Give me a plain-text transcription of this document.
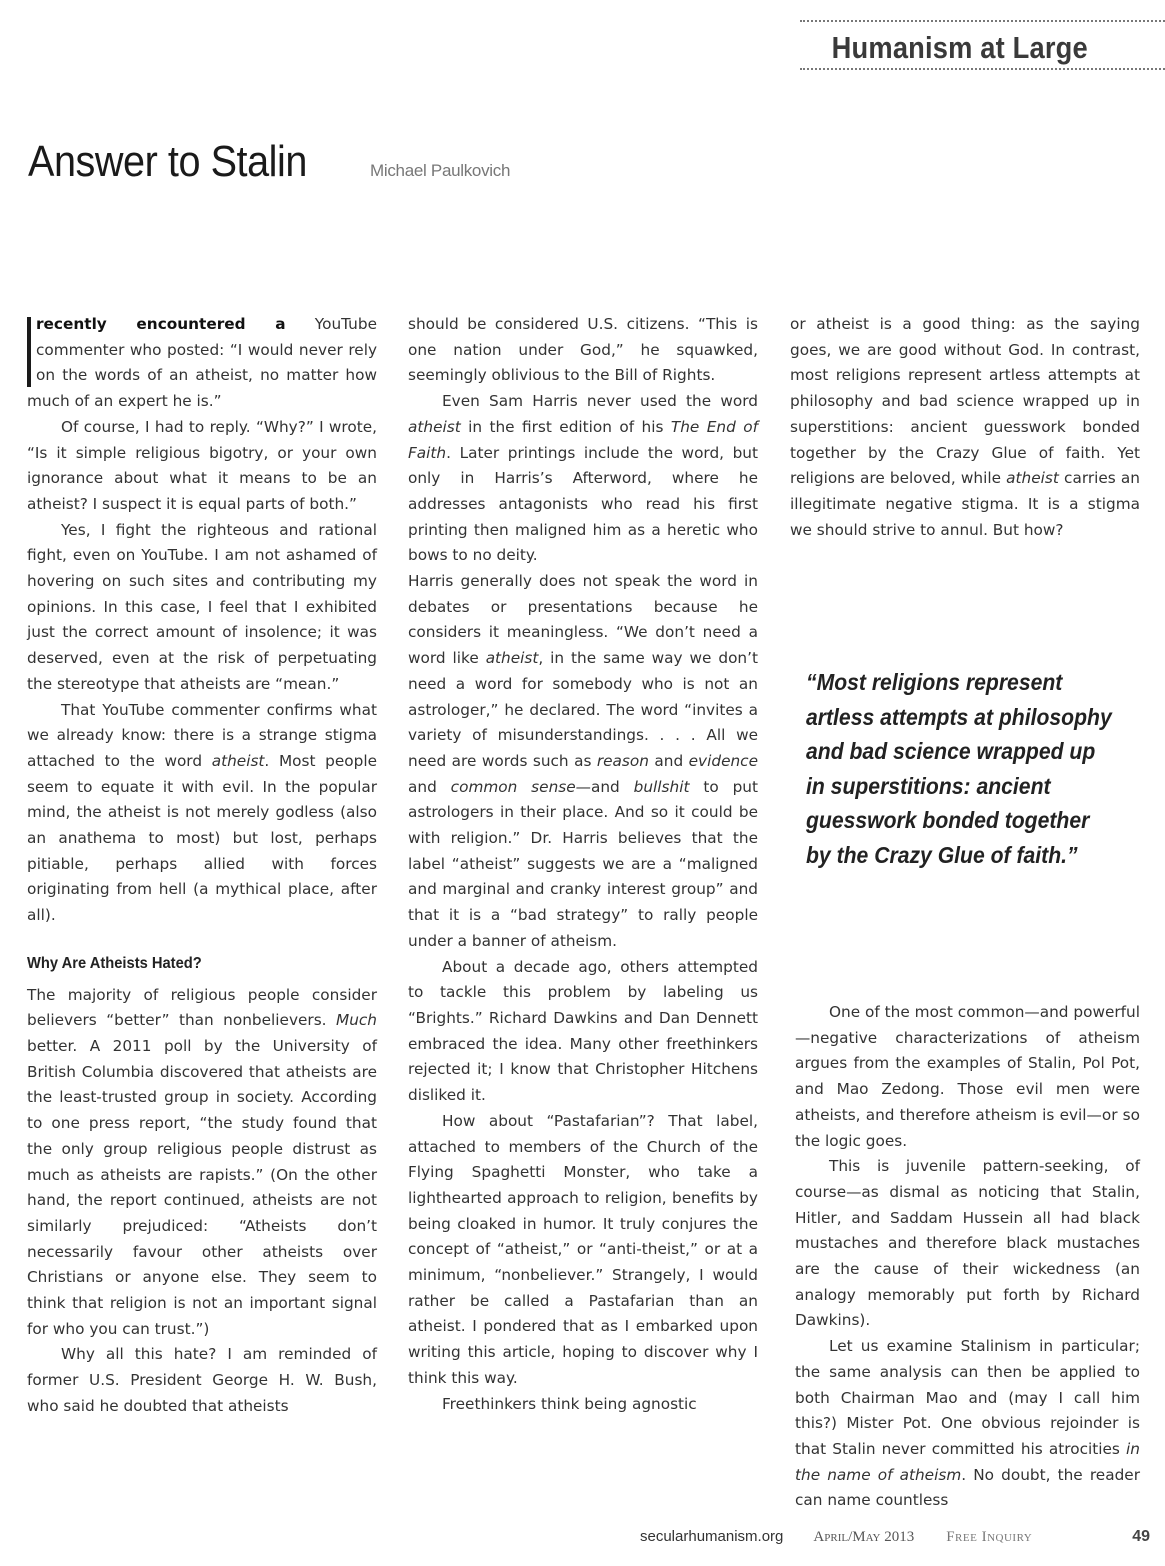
Humanism at Large
Answer to Stalin	Michael Paulkovich

recently encountered a YouTube commenter who posted: “I would never rely on the words of an atheist, no matter how much of an expert he is.”

Of course, I had to reply. “Why?” I wrote, “Is it simple religious bigotry, or your own ignorance about what it means to be an atheist? I suspect it is equal parts of both.”

Yes, I fight the righteous and rational fight, even on YouTube. I am not ashamed of hovering on such sites and contributing my opinions. In this case, I feel that I exhibited just the correct amount of insolence; it was deserved, even at the risk of perpetuating the stereotype that atheists are “mean.”

That YouTube commenter confirms what we already know: there is a strange stigma attached to the word atheist. Most people seem to equate it with evil. In the popular mind, the atheist is not merely godless (also an anathema to most) but lost, perhaps pitiable, perhaps allied with forces originating from hell (a mythical place, after all).

Why Are Atheists Hated?

The majority of religious people consider believers “better” than nonbelievers. Much better. A 2011 poll by the University of British Columbia discovered that atheists are the least-trusted group in society. According to one press report, “the study found that the only group religious people distrust as much as atheists are rapists.” (On the other hand, the report continued, atheists are not similarly prejudiced: “Atheists don’t necessarily favour other atheists over Christians or anyone else. They seem to think that religion is not an important signal for who you can trust.”)

Why all this hate? I am reminded of former U.S. President George H. W. Bush, who said he doubted that atheists

should be considered U.S. citizens. “This is one nation under God,” he squawked, seemingly oblivious to the Bill of Rights.

Even Sam Harris never used the word atheist in the first edition of his The End of Faith. Later printings include the word, but only in Harris’s Afterword, where he addresses antagonists who read his first printing then maligned him as a heretic who bows to no deity.

Harris generally does not speak the word in debates or presentations because he considers it meaningless. “We don’t need a word like atheist, in the same way we don’t need a word for somebody who is not an astrologer,” he declared. The word “invites a variety of misunderstandings. . . . All we need are words such as reason and evidence and common sense—and bullshit to put astrologers in their place. And so it could be with religion.” Dr. Harris believes that the label “atheist” suggests we are a “maligned and marginal and cranky interest group” and that it is a “bad strategy” to rally people under a banner of atheism.

About a decade ago, others attempted to tackle this problem by labeling us “Brights.” Richard Dawkins and Dan Dennett embraced the idea. Many other freethinkers rejected it; I know that Christopher Hitchens disliked it.

How about “Pastafarian”? That label, attached to members of the Church of the Flying Spaghetti Monster, who take a lighthearted approach to religion, benefits by being cloaked in humor. It truly conjures the concept of “atheist,” or “anti-theist,” or at a minimum, “nonbeliever.” Strangely, I would rather be called a Pastafarian than an atheist. I pondered that as I embarked upon writing this article, hoping to discover why I think this way.

Freethinkers think being agnostic

or atheist is a good thing: as the saying goes, we are good without God. In contrast, most religions represent artless attempts at philosophy and bad science wrapped up in superstitions: ancient guesswork bonded together by the Crazy Glue of faith. Yet religions are beloved, while atheist carries an illegitimate negative stigma. It is a stigma we should strive to annul. But how?

“Most religions represent artless attempts at philosophy and bad science wrapped up in superstitions: ancient guesswork bonded together by the Crazy Glue of faith.”

One of the most common—and powerful—negative characterizations of atheism argues from the examples of Stalin, Pol Pot, and Mao Zedong. Those evil men were atheists, and therefore atheism is evil—or so the logic goes.

This is juvenile pattern-seeking, of course—as dismal as noticing that Stalin, Hitler, and Saddam Hussein all had black mustaches and therefore black mustaches are the cause of their wickedness (an analogy memorably put forth by Richard Dawkins).

Let us examine Stalinism in particular; the same analysis can then be applied to both Chairman Mao and (may I call him this?) Mister Pot. One obvious rejoinder is that Stalin never committed his atrocities in the name of atheism. No doubt, the reader can name countless

secularhumanism.org April/May 2013 Free Inquiry	49
